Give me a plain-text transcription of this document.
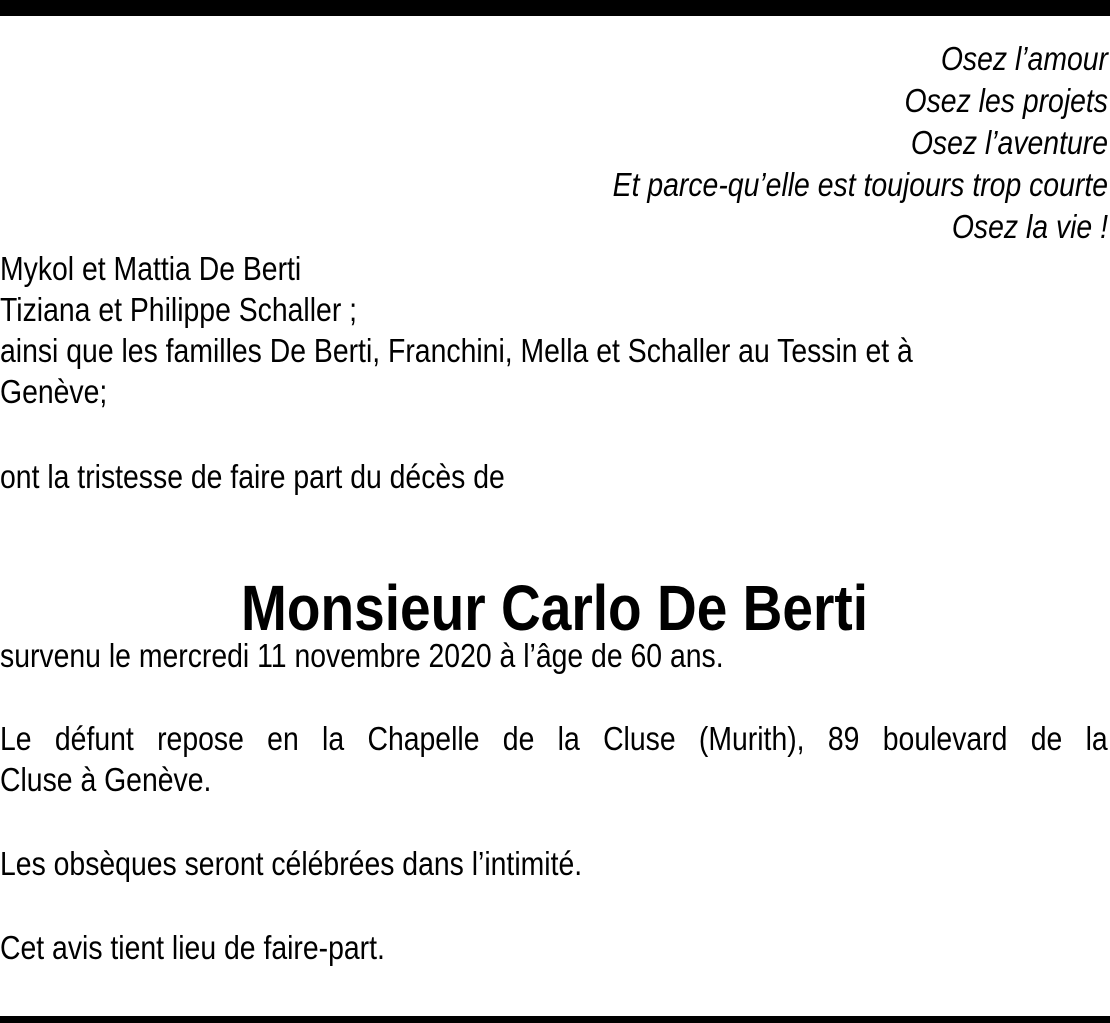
Osez l’amour
Osez les projets
Osez l’aventure
Et parce-qu’elle est toujours trop courte
Osez la vie !
Mykol et Mattia De Berti
Tiziana et Philippe Schaller ;
ainsi que les familles De Berti, Franchini, Mella et Schaller au Tessin et à
Genève;
ont la tristesse de faire part du décès de
Monsieur Carlo De Berti
survenu le mercredi 11 novembre 2020 à l’âge de 60 ans.
Le défunt repose en la Chapelle de la Cluse (Murith), 89 boulevard de la
Cluse à Genève.
Les obsèques seront célébrées dans l’intimité.
Cet avis tient lieu de faire-part.
